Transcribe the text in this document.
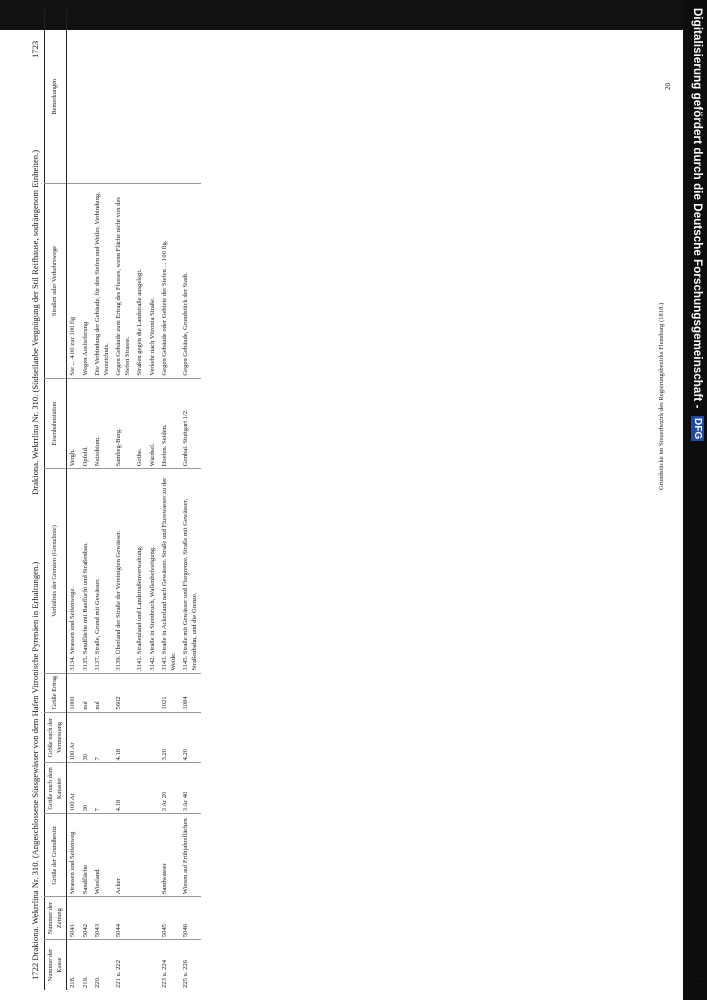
Digitalisierung gefördert durch die Deutsche Forschungsgemeinschaft - DFG
1722 Drakiona. Wekrrlina Nr. 310. (Angeschlossene Süssgewässer von dem Hafen Vitronische Pyrenäen in Erhaltungen.)
Drakiona. Wekrrlina Nr. 310. (Südseilanbe Vergnügung der Stil Reifhause, sodrängenom Einheiten.)
1723
Nummer der Kasse	Nummer der Zeitung	Größe der Grundbesitz	Größe nach dem Kataster	Größe nach der Vermessung	Größe Ertrag	Verhältnis der Grenzen (Grenzlinie)	Eisenbahnstation	Straßen oder Verkehrswege	Bemerkungen
218.	5041	Strassen und Seitenweg	100 Ar	100 Ar	1000	3134. Strassen und Seitenwege.	Vergh.	Sie ... 4.00 zur 100 fig	
219.	5042	Sandfläche	30	30	nul	3135. Sandfläche mit Bauflucht und Straßenbau.	Opfeld.	Wegen Auslieferung	
220.	5043	Wiesland	7	7	nul	3137. Straße, Grund mit Gewässer.	Nuissbium.	Die Verbindung der Gebäude, für den Stefen und Weiler, Verbindung, Verzeichnis.	
221 u. 222	5044	Acker	4.18	4.18	5602	3139. Überland der Straße der Vereinigten Gewässer.	Sambeg-Burg.	Gegen Gebäude zum Ertrag des Flusses, wenn Fläche nicht von des Stefen Strasse.	
						3141. Straßenland und Landstraßenverwaltung.	Gothe.	Straßen gegen die Landstraße ausgelegt.	
						3142. Straße in Steinbruch, Wallenbefestigung.	Wardsel.	Verkehr nach Vitronia Straße.	
223 u. 224	5045	Sandwasser	3 Ar 20	3.20	1021	3143. Straße in Ackerland nach Gewässer. Straße und Flusswasser zu der Weide.	Hoelen. Seiden.	Gegen Gebäude oder Gebiete der Stefen ... 100 fig.	
225 u. 226	5046	Wiesen auf Frühjahrsflächen	3 Ar 40	4.20	1084	3145. Straße mit Gewässer und Flurgrenze. Straße mit Gewässer, Straßenbahn, und die Grenze.	Gonbal. Stuttgart 1/2.	Gegen Gebäude, Grundstück der Stadt.		Grundstücke im Steuerbezirk des Regierungsbezirks Flensburg (1818.)
20
I
